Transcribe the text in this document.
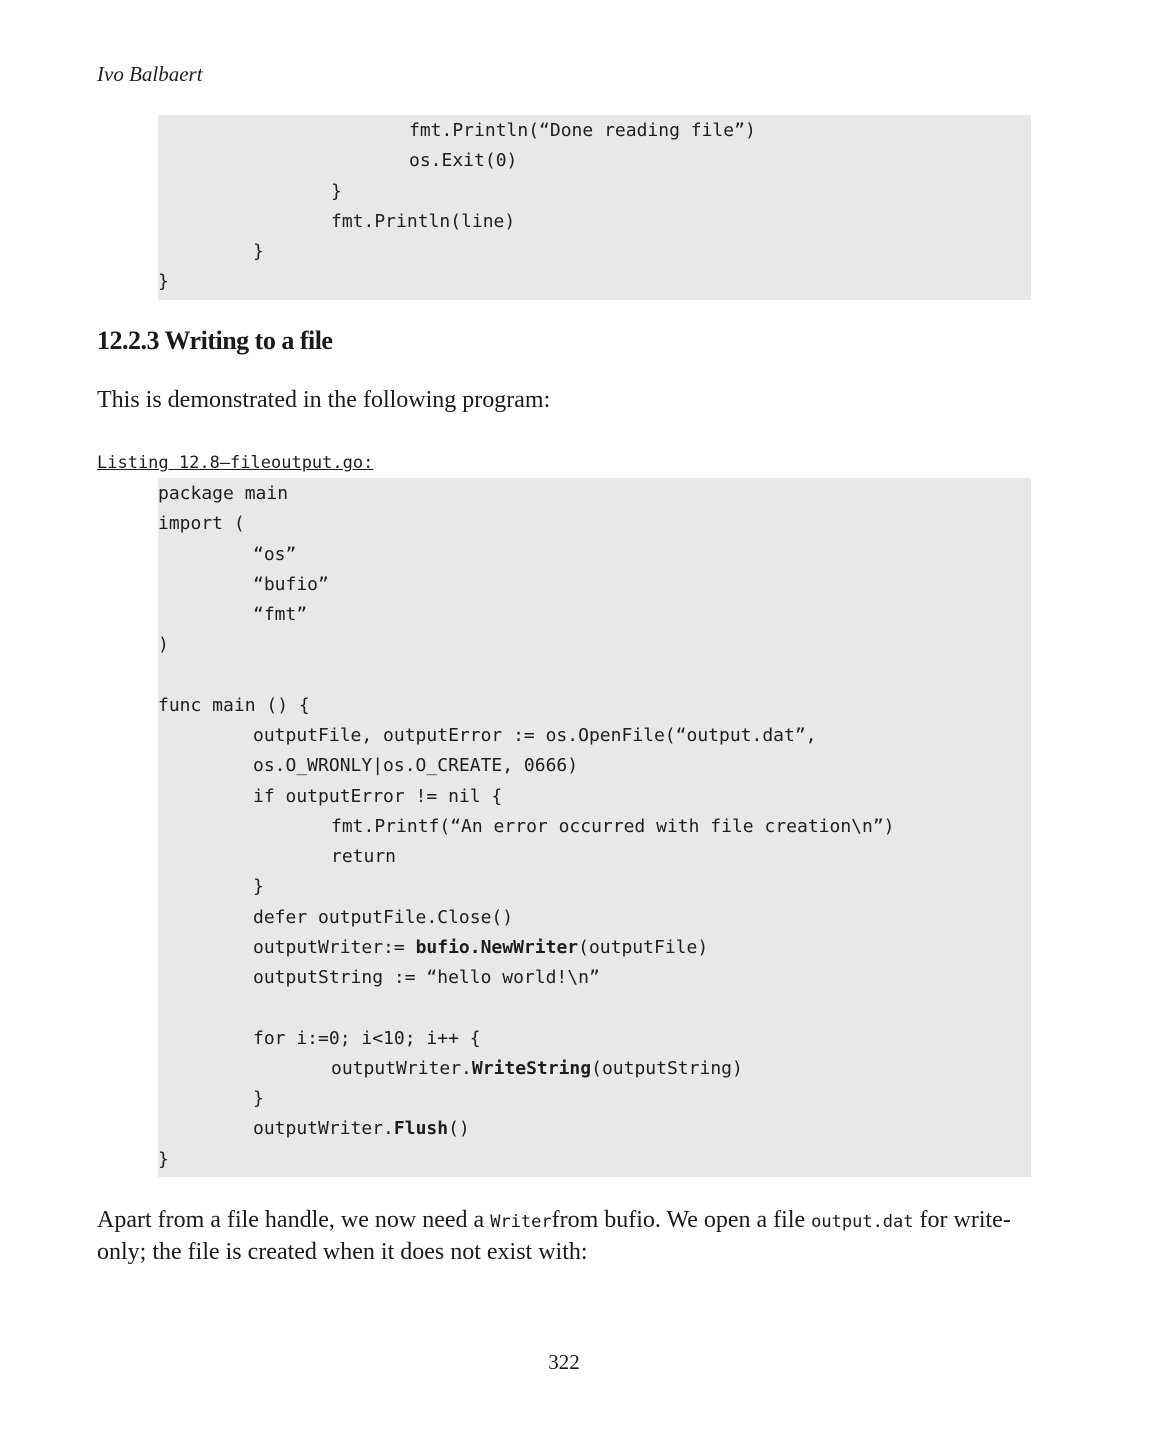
Ivo Balbaert
fmt.Println(“Done reading file”)
os.Exit(0)
}
fmt.Println(line)
}
}
12.2.3 Writing to a file
This is demonstrated in the following program:
Listing 12.8—fileoutput.go:
package main
import (
“os”
“bufio”
“fmt”
)
func main () {
outputFile, outputError := os.OpenFile(“output.dat”,
os.O_WRONLY|os.O_CREATE, 0666)
if outputError != nil {
fmt.Printf(“An error occurred with file creation\n”)
return
}
defer outputFile.Close()
outputWriter:= bufio.NewWriter(outputFile)
outputString := “hello world!\n”
for i:=0; i<10; i++ {
outputWriter.WriteString(outputString)
}
outputWriter.Flush()
}
Apart from a file handle, we now need a Writerfrom bufio. We open a file output.dat for write-only; the file is created when it does not exist with:
322
